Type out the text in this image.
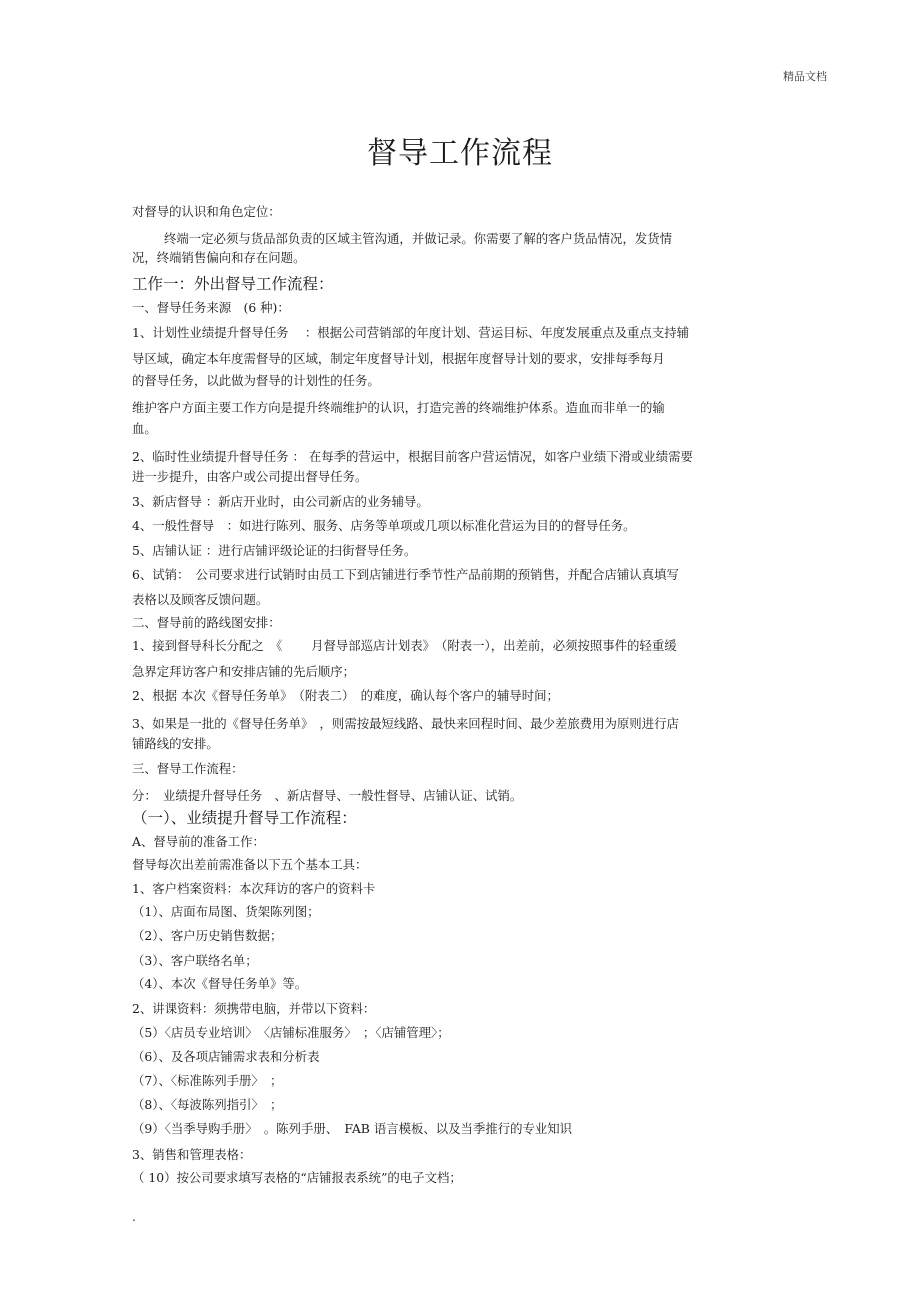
精品文档
督导工作流程
对督导的认识和角色定位：
终端一定必须与货品部负责的区域主管沟通，并做记录。你需要了解的客户货品情况，发货情
况，终端销售偏向和存在问题。
工作一：外出督导工作流程：
一、督导任务来源　(6 种)：
1、计划性业绩提升督导任务　 ：根据公司营销部的年度计划、营运目标、年度发展重点及重点支持辅
导区域，确定本年度需督导的区域，制定年度督导计划，根据年度督导计划的要求，安排每季每月
的督导任务，以此做为督导的计划性的任务。
维护客户方面主要工作方向是提升终端维护的认识，打造完善的终端维护体系。造血而非单一的输
血。
2、临时性业绩提升督导任务 ： 在每季的营运中，根据目前客户营运情况，如客户业绩下滑或业绩需要
进一步提升，由客户或公司提出督导任务。
3、新店督导 ：新店开业时，由公司新店的业务辅导。
4、一般性督导　：如进行陈列、服务、店务等单项或几项以标准化营运为目的的督导任务。
5、店铺认证 ：进行店铺评级论证的扫街督导任务。
6、试销：　公司要求进行试销时由员工下到店铺进行季节性产品前期的预销售，并配合店铺认真填写
表格以及顾客反馈问题。
二、督导前的路线图安排：
1、接到督导科长分配之　《　　 月督导部巡店计划表》　（附表一），出差前，必须按照事件的轻重缓
急界定拜访客户和安排店铺的先后顺序；
2、根据 本次《督导任务单》　（附表二）　的难度，确认每个客户的辅导时间；
3、如果是一批的《督导任务单》　，则需按最短线路、最快来回程时间、最少差旅费用为原则进行店
铺路线的安排。
三、督导工作流程：
分：　业绩提升督导任务　、新店督导、一般性督导、店铺认证、试销。
（一）、业绩提升督导工作流程：
A、督导前的准备工作：
督导每次出差前需准备以下五个基本工具：
1、客户档案资料：本次拜访的客户的资料卡
（1）、店面布局图、货架陈列图；
（2）、客户历史销售数据；
（3）、客户联络名单；
（4）、本次《督导任务单》等。
2、讲课资料：须携带电脑，并带以下资料：
（5）〈店员专业培训〉　〈店铺标准服务〉　；〈店铺管理〉；
（6）、及各项店铺需求表和分析表
（7）、〈标准陈列手册〉　；
（8）、〈每波陈列指引〉　；
（9）〈当季导购手册〉　。陈列手册、　FAB 语言模板、以及当季推行的专业知识
3、销售和管理表格：
（ 10）按公司要求填写表格的“店铺报表系统”的电子文档；
.
